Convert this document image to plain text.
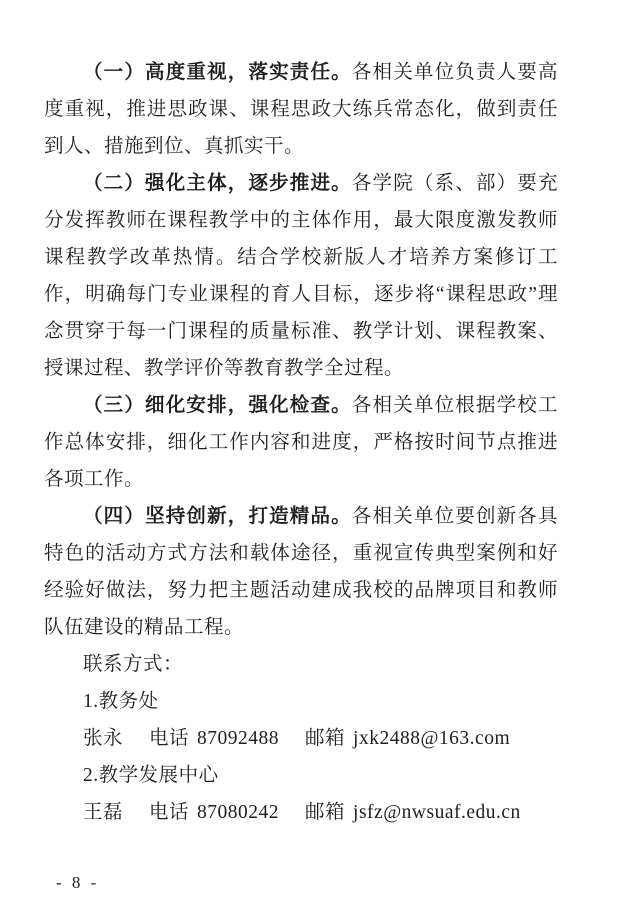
（一）高度重视，落实责任。各相关单位负责人要高度重视，推进思政课、课程思政大练兵常态化，做到责任到人、措施到位、真抓实干。

（二）强化主体，逐步推进。各学院（系、部）要充分发挥教师在课程教学中的主体作用，最大限度激发教师课程教学改革热情。结合学校新版人才培养方案修订工作，明确每门专业课程的育人目标，逐步将“课程思政”理念贯穿于每一门课程的质量标准、教学计划、课程教案、授课过程、教学评价等教育教学全过程。

（三）细化安排，强化检查。各相关单位根据学校工作总体安排，细化工作内容和进度，严格按时间节点推进各项工作。

（四）坚持创新，打造精品。各相关单位要创新各具特色的活动方式方法和载体途径，重视宣传典型案例和好经验好做法，努力把主题活动建成我校的品牌项目和教师队伍建设的精品工程。

联系方式：

1.教务处

张永 电话 87092488 邮箱 jxk2488@163.com

2.教学发展中心

王磊 电话 87080242 邮箱 jsfz@nwsuaf.edu.cn

- 8 -
